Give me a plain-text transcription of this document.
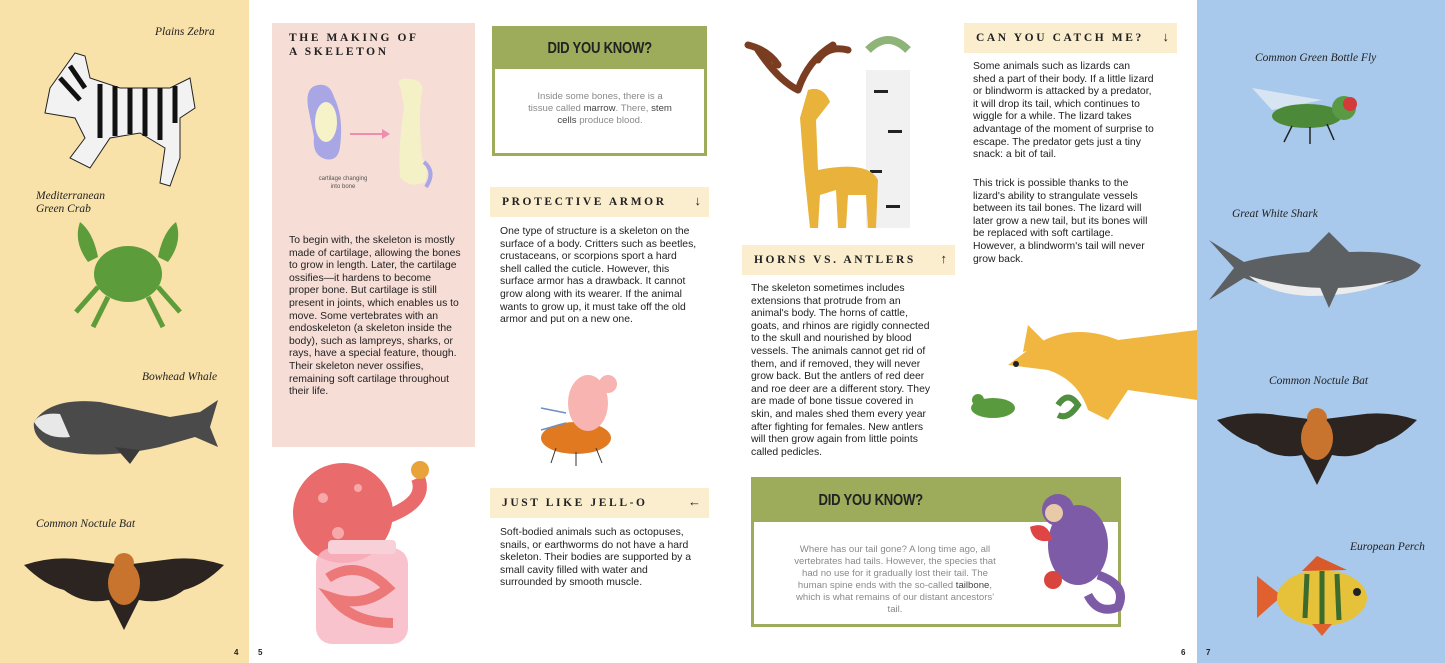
Plains Zebra
Mediterranean Green Crab
Bowhead Whale
Common Noctule Bat
4 5
THE MAKING OF
A SKELETON
cartilage changing
into bone
To begin with, the skeleton is mostly made of cartilage, allowing the bones to grow in length. Later, the cartilage ossifies—it hardens to become proper bone. But cartilage is still present in joints, which enables us to move. Some vertebrates with an endoskeleton (a skeleton inside the body), such as lampreys, sharks, or rays, have a special feature, though. Their skeleton never ossifies, remaining soft cartilage throughout their life.
DID YOU KNOW?
Inside some bones, there is a tissue called marrow. There, stem cells produce blood.
PROTECTIVE ARMOR ↓
One type of structure is a skeleton on the surface of a body. Critters such as beetles, crustaceans, or scorpions sport a hard shell called the cuticle. However, this surface armor has a drawback. It cannot grow along with its wearer. If the animal wants to grow up, it must take off the old armor and put on a new one.
JUST LIKE JELL-O	←
Soft-bodied animals such as octopuses, snails, or earthworms do not have a hard skeleton. Their bodies are supported by a small cavity filled with water and surrounded by smooth muscle.
HORNS VS. ANTLERS ↑
The skeleton sometimes includes extensions that protrude from an animal's body. The horns of cattle, goats, and rhinos are rigidly connected to the skull and nourished by blood vessels. The animals cannot get rid of them, and if removed, they will never grow back. But the antlers of red deer and roe deer are a different story. They are made of bone tissue covered in skin, and males shed them every year after fighting for females. New antlers will then grow again from little points called pedicles.
CAN YOU CATCH ME? ↓
Some animals such as lizards can shed a part of their body. If a little lizard or blindworm is attacked by a predator, it will drop its tail, which continues to wiggle for a while. The lizard takes advantage of the moment of surprise to escape. The predator gets just a tiny snack: a bit of tail.
This trick is possible thanks to the lizard's ability to strangulate vessels between its tail bones. The lizard will later grow a new tail, but its bones will be replaced with soft cartilage. However, a blindworm's tail will never grow back.
DID YOU KNOW?
Where has our tail gone? A long time ago, all vertebrates had tails. However, the species that had no use for it gradually lost their tail. The human spine ends with the so-called tailbone, which is what remains of our distant ancestors' tail.
6
Common Green Bottle Fly
Great White Shark
Common Noctule Bat
European Perch
7
